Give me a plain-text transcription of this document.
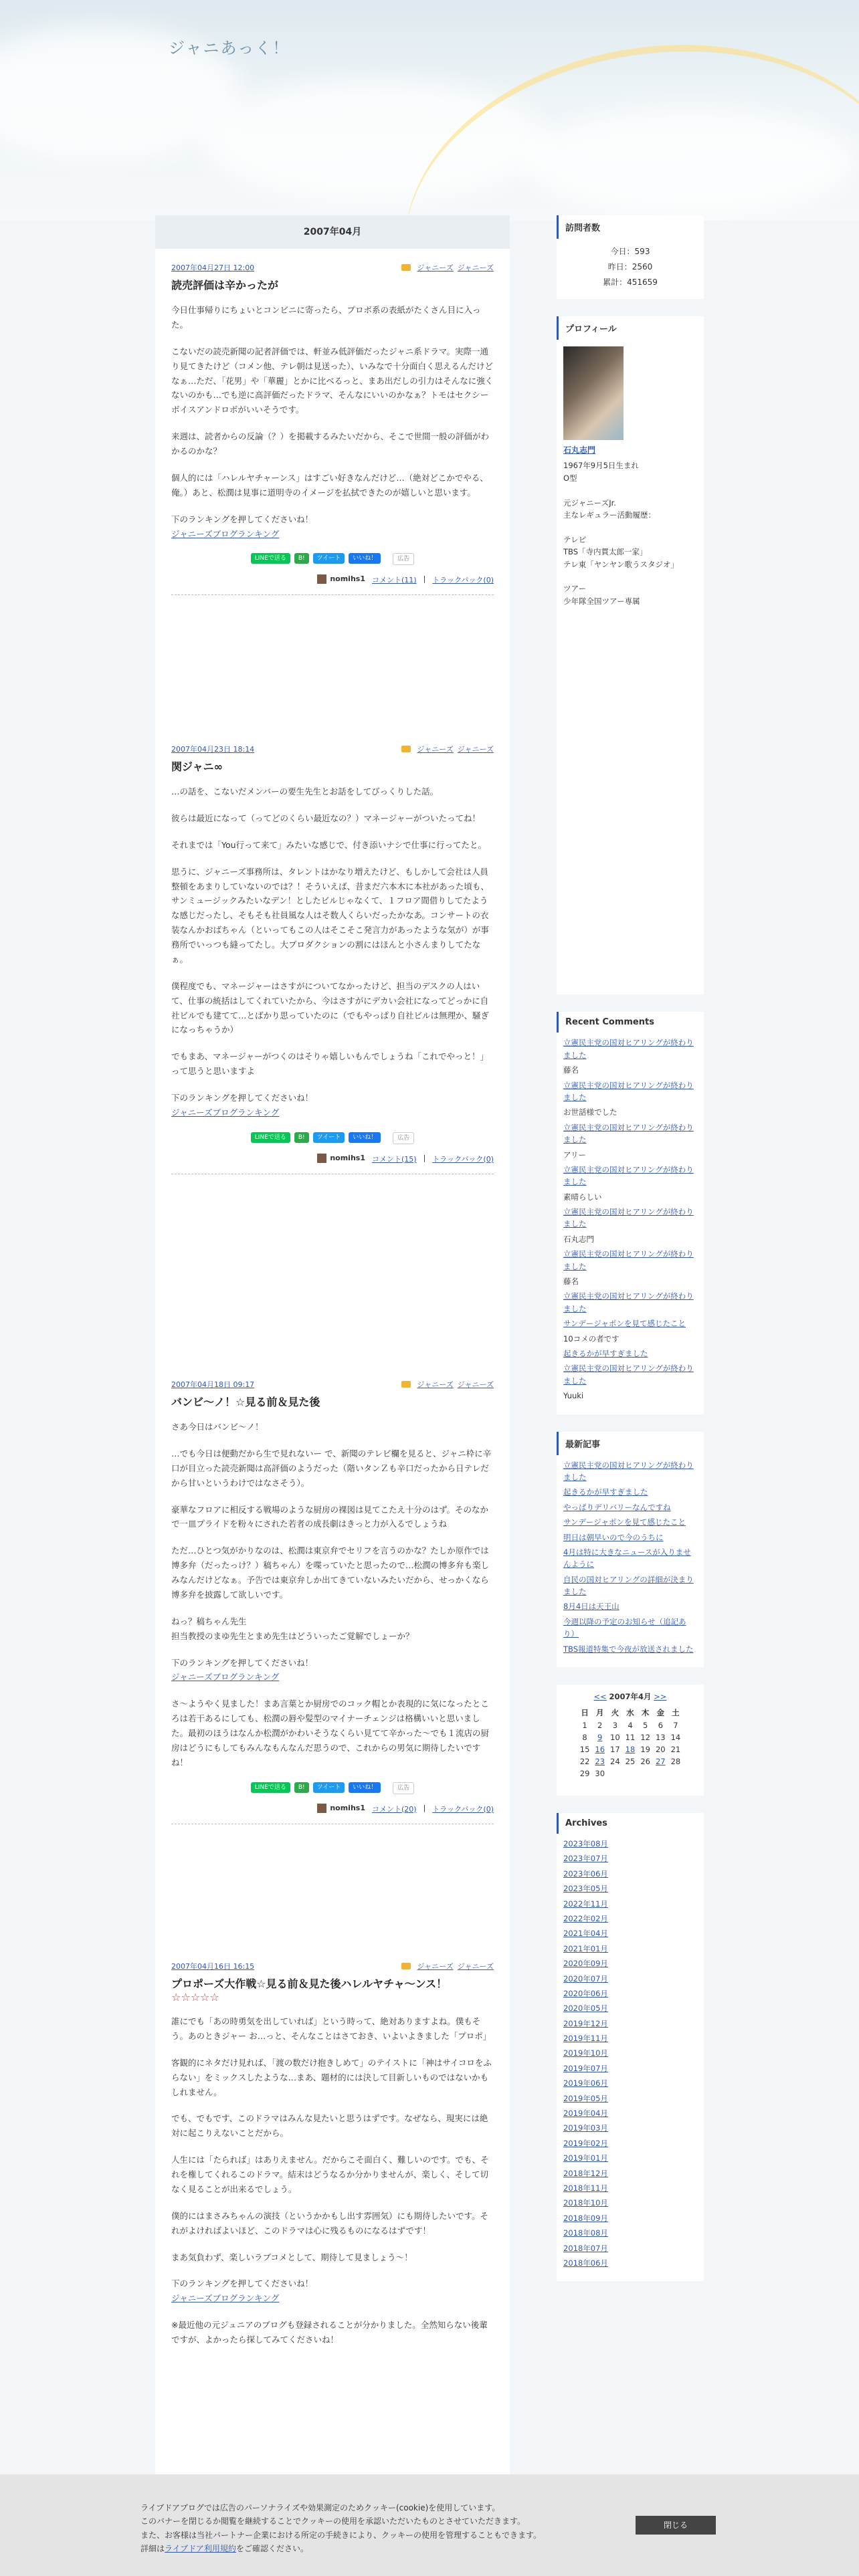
ジャニあっく！
2007年04月
2007年04月27日 12:00	ジャニーズ ジャニーズ
読売評価は辛かったが

今日仕事帰りにちょいとコンビニに寄ったら、プロボ系の表紙がたくさん目に入った。

こないだの読売新聞の記者評価では、軒並み低評価だったジャニ系ドラマ。実際一通り見てきたけど（コメン他、テレ朝は見送った）、いみなで十分面白く思えるんだけどなぁ…ただ、「花男」や「華麗」とかに比べるっと、まあ出だしの引力はそんなに強くないのかも…でも逆に高評価だったドラマ、そんなにいいのかなぁ？トモはセクシーボイスアンドロボがいいそうです。

来週は、読者からの反論（？）を掲載するみたいだから、そこで世間一般の評価がわかるのかな？

個人的には「ハレルヤチャーンス」はすごい好きなんだけど…（絶対どこかでやる、俺。）あと、松潤は見事に道明寺のイメージを払拭できたのが嬉しいと思います。

下のランキングを押してくださいね！

ジャニーズブログランキング

LINEで送る	B!	ツイート	いいね！	広告
nomihs1 コメント(11) | トラックバック(0)
2007年04月23日 18:14	ジャニーズ ジャニーズ
関ジャニ∞

…の話を、こないだメンバーの要生先生とお話をしてびっくりした話。

彼らは最近になって（ってどのくらい最近なの？）マネージャーがついたってね！

それまでは「You行って来て」みたいな感じで、付き添いナシで仕事に行ってたと。

思うに、ジャニーズ事務所は、タレントはかなり増えたけど、もしかして会社は人員整頓をあまりしていないのでは？！そういえば、昔まだ六本木に本社があった頃も、サンミュージックみたいなデン！としたビルじゃなくて、１フロア間借りしてたような感じだったし、そもそも社員風な人はそ数人くらいだったかなあ。コンサートの衣装なんかおばちゃん（といってもこの人はそこそこ発言力があったような気が）が事務所でいっつも縫ってたし。大プロダクションの割にはほんと小さんまりしてたなぁ。

僕程度でも、マネージャーはさすがについてなかったけど、担当のデスクの人はいて、仕事の統括はしてくれていたから、今はさすがにデカい会社になってどっかに自社ビルでも建てて…とばかり思っていたのに（でもやっぱり自社ビルは無理か、騒ぎになっちゃうか）

でもまあ、マネージャーがつくのはそりゃ嬉しいもんでしょうね「これでやっと！」って思うと思いますよ

下のランキングを押してくださいね！

ジャニーズブログランキング

LINEで送る	B!	ツイート	いいね！	広告
nomihs1 コメント(15) | トラックバック(0)
2007年04月18日 09:17	ジャニーズ ジャニーズ
バンビ～ノ！☆見る前＆見た後

さあ今日はバンビ～ノ！

…でも今日は便動だから生で見れないー で、新聞のテレビ欄を見ると、ジャニ枠に辛口が目立った読売新聞は高評価のようだった（階いタンＺも辛口だったから日テレだから甘いというわけではなさそう）。

豪華なフロアに相反する戦場のような厨房の裸図は見てこたえ十分のはず。そのなかで一皿プライドを粉々にされた若者の成長劇はきっと力が入るでしょうね

ただ…ひとつ気がかりなのは、松潤は東京弁でセリフを言うのかな？たしか原作では博多弁（だったっけ？）稿ちゃん）を喋っていたと思ったので…松潤の博多弁も楽しみなんだけどなぁ。予告では東京弁しか出てきていないみたいだから、せっかくなら博多弁を披露して欲しいです。

ねっ？稿ちゃん先生
担当教授のまゆ先生とまめ先生はどういったご覚解でしょーか？

下のランキングを押してくださいね！

ジャニーズブログランキング

さ～ようやく見ました！まあ言葉とか厨房でのコック帽とか表現的に気になったところは若干あるにしても、松潤の唇や髪型のマイナーチェンジは格構いいと思いました。最初のほうはなんか松潤がかわいそうなくらい見てて辛かった～でも１流店の厨房はどうにもしてもみんなもんなんだ思うので、これからの男気に期待したいですね！

LINEで送る	B!	ツイート	いいね！	広告
nomihs1 コメント(20) | トラックバック(0)
2007年04月16日 16:15	ジャニーズ ジャニーズ
プロポーズ大作戦☆見る前＆見た後ハレルヤチャ～ンス！
☆☆☆☆☆

誰にでも「あの時勇気を出していれば」という時って、絶対ありますよね。僕もそう。あのときジャー お…っと、そんなことはさておき、いよいよきました「プロポ」

客観的にネタだけ見れば、「渡の数だけ抱きしめて」のテイストに「神はサイコロをふらない」をミックスしたような…まあ、題材的には決して目新しいものではないかもしれません。

でも、でもです、このドラマはみんな見たいと思うはずです。なぜなら、現実には絶対に起こりえないことだから。

人生には「たられば」はありえません。だからこそ面白く、難しいのです。でも、それを権してくれるこのドラマ。結末はどうなるか分かりませんが、楽しく、そして切なく見ることが出来るでしょう。

僕的にはまさみちゃんの演技（というかかもし出す雰囲気）にも期待したいです。それがよければよいほど、このドラマは心に残るものになるはずです！

まあ気負わず、楽しいラブコメとして、期待して見ましょう～！

下のランキングを押してくださいね！

ジャニーズブログランキング

※最近他の元ジュニアのブログも登録されることが分かりました。全然知らない後輩ですが、よかったら探してみてくださいね！

訪問者数
今日：593
昨日：2560
累計：451659
プロフィール
石丸志門
1967年9月5日生まれ
O型

元ジャニーズJr.
主なレギュラー活動履歴：

テレビ
TBS「寺内貫太郎一家」
テレ東「ヤンヤン歌うスタジオ」

ツアー
少年隊全国ツアー専属
Recent Comments
立憲民主党の国対ヒアリングが終わりました
藤名
立憲民主党の国対ヒアリングが終わりました
お世話様でした
立憲民主党の国対ヒアリングが終わりました
アリー
立憲民主党の国対ヒアリングが終わりました
素晴らしい
立憲民主党の国対ヒアリングが終わりました
石丸志門
立憲民主党の国対ヒアリングが終わりました
藤名
立憲民主党の国対ヒアリングが終わりました
サンデージャポンを見て感じたこと
10コメの者です
起きるかが早すぎました
立憲民主党の国対ヒアリングが終わりました
Yuuki
最新記事
立憲民主党の国対ヒアリングが終わりました
起きるかが早すぎました
やっぱりデリバリーなんですね
サンデージャポンを見て感じたこと
明日は朝早いので今のうちに
4月は特に大きなニュースが入りませんように
自民の国対ヒアリングの詳細が決まりました
8月4日は天王山
今週以降の予定のお知らせ（追記あり）
TBS報道特集で今夜が放送されました
<< 2007年4月 >>
日	月	火	水	木	金	土
1	2	3	4	5	6	7
8	9	10	11	12	13	14
15	16	17	18	19	20	21
22	23	24	25	26	27	28
29	30					
Archives
2023年08月
2023年07月
2023年06月
2023年05月
2022年11月
2022年02月
2021年04月
2021年01月
2020年09月
2020年07月
2020年06月
2020年05月
2019年12月
2019年11月
2019年10月
2019年07月
2019年06月
2019年05月
2019年04月
2019年03月
2019年02月
2019年01月
2018年12月
2018年11月
2018年10月
2018年09月
2018年08月
2018年07月
2018年06月
ライブドアブログでは広告のパーソナライズや効果測定のためクッキー(cookie)を使用しています。
このバナーを閉じるか閲覧を継続することでクッキーの使用を承認いただいたものとさせていただきます。
また、お客様は当社パートナー企業における所定の手続きにより、クッキーの使用を管理することもできます。
詳細はライブドア利用規約をご確認ください。
閉じる
